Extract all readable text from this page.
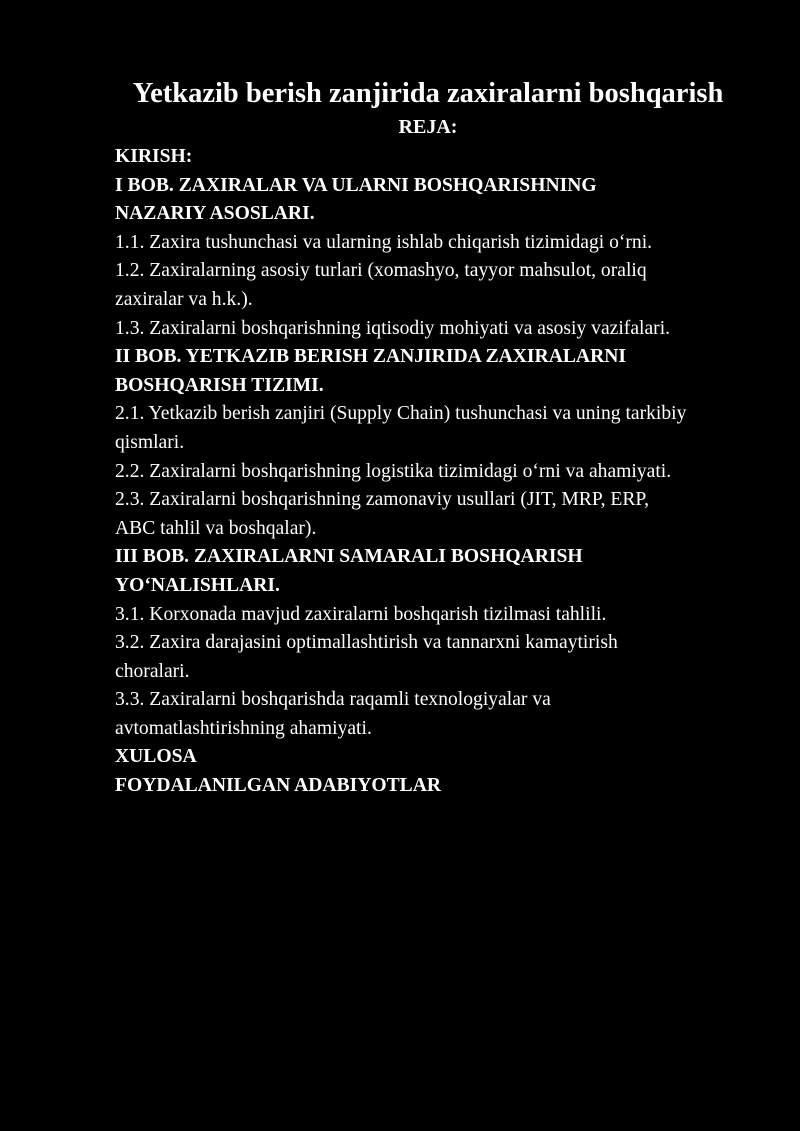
Yetkazib berish zanjirida zaxiralarni boshqarish
REJA:
KIRISH:
I BOB. ZAXIRALAR VA ULARNI BOSHQARISHNING
NAZARIY ASOSLARI.
1.1. Zaxira tushunchasi va ularning ishlab chiqarish tizimidagi o‘rni.
1.2. Zaxiralarning asosiy turlari (xomashyo, tayyor mahsulot, oraliq
zaxiralar va h.k.).
1.3. Zaxiralarni boshqarishning iqtisodiy mohiyati va asosiy vazifalari.
II BOB. YETKAZIB BERISH ZANJIRIDA ZAXIRALARNI
BOSHQARISH TIZIMI.
2.1. Yetkazib berish zanjiri (Supply Chain) tushunchasi va uning tarkibiy
qismlari.
2.2. Zaxiralarni boshqarishning logistika tizimidagi o‘rni va ahamiyati.
2.3. Zaxiralarni boshqarishning zamonaviy usullari (JIT, MRP, ERP,
ABC tahlil va boshqalar).
III BOB. ZAXIRALARNI SAMARALI BOSHQARISH
YO‘NALISHLARI.
3.1. Korxonada mavjud zaxiralarni boshqarish tizilmasi tahlili.
3.2. Zaxira darajasini optimallashtirish va tannarxni kamaytirish
choralari.
3.3. Zaxiralarni boshqarishda raqamli texnologiyalar va
avtomatlashtirishning ahamiyati.
XULOSA
FOYDALANILGAN ADABIYOTLAR
